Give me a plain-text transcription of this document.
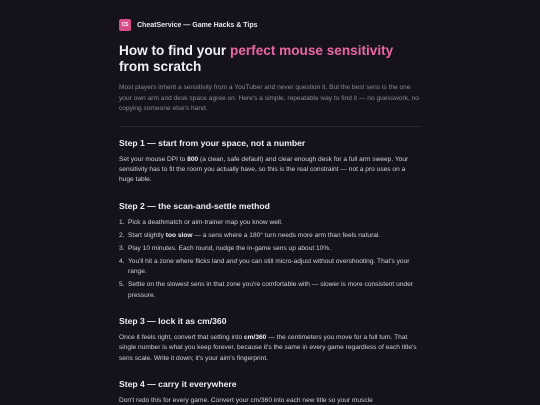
CS	CheatService — Game Hacks & Tips
How to find your perfect mouse sensitivity from scratch

Most players inherit a sensitivity from a YouTuber and never question it. But the best sens is the one your own arm and desk space agree on. Here's a simple, repeatable way to find it — no guesswork, no copying someone else's hand.

Step 1 — start from your space, not a number

Set your mouse DPI to 800 (a clean, safe default) and clear enough desk for a full arm sweep. Your sensitivity has to fit the room you actually have, so this is the real constraint — not a pro uses on a huge table.

Step 2 — the scan-and-settle method
1. Pick a deathmatch or aim-trainer map you know well.
2. Start slightly too slow — a sens where a 180° turn needs more arm than feels natural.
3. Play 10 minutes. Each round, nudge the in-game sens up about 10%.
4. You'll hit a zone where flicks land and you can still micro-adjust without overshooting. That's your range.
5. Settle on the slowest sens in that zone you're comfortable with — slower is more consistent under pressure.
Step 3 — lock it as cm/360

Once it feels right, convert that setting into cm/360 — the centimeters you move for a full turn. That single number is what you keep forever, because it's the same in every game regardless of each title's sens scale. Write it down; it's your aim's fingerprint.

Step 4 — carry it everywhere

Don't redo this for every game. Convert your cm/360 into each new title so your muscle
